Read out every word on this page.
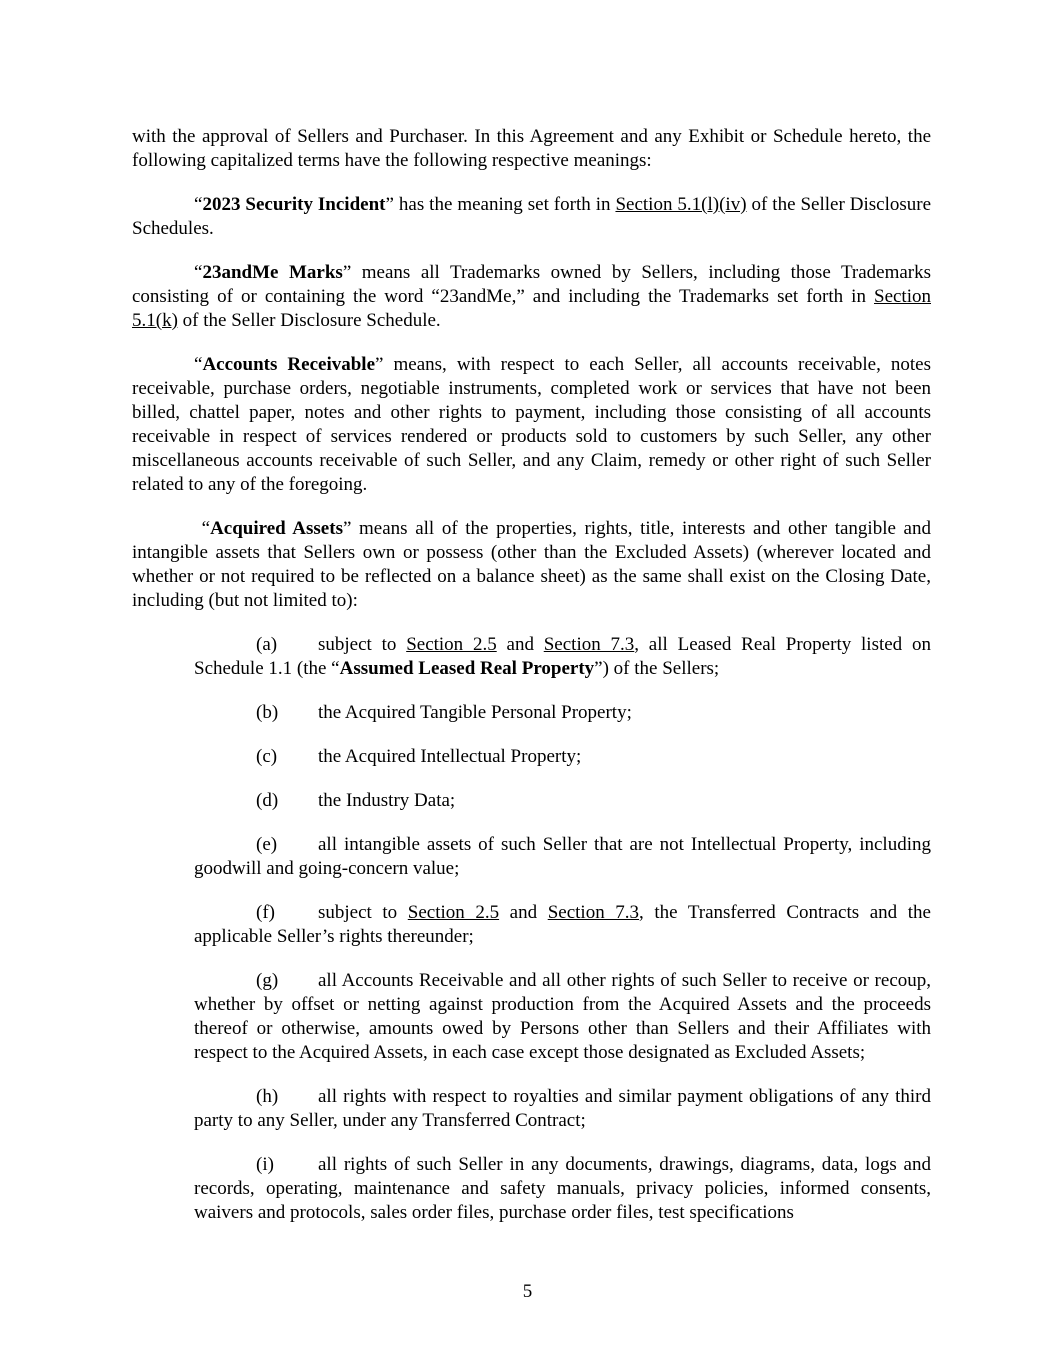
with the approval of Sellers and Purchaser. In this Agreement and any Exhibit or Schedule hereto, the following capitalized terms have the following respective meanings:

“2023 Security Incident” has the meaning set forth in Section 5.1(l)(iv) of the Seller Disclosure Schedules.

“23andMe Marks” means all Trademarks owned by Sellers, including those Trademarks consisting of or containing the word “23andMe,” and including the Trademarks set forth in Section 5.1(k) of the Seller Disclosure Schedule.

“Accounts Receivable” means, with respect to each Seller, all accounts receivable, notes receivable, purchase orders, negotiable instruments, completed work or services that have not been billed, chattel paper, notes and other rights to payment, including those consisting of all accounts receivable in respect of services rendered or products sold to customers by such Seller, any other miscellaneous accounts receivable of such Seller, and any Claim, remedy or other right of such Seller related to any of the foregoing.

“Acquired Assets” means all of the properties, rights, title, interests and other tangible and intangible assets that Sellers own or possess (other than the Excluded Assets) (wherever located and whether or not required to be reflected on a balance sheet) as the same shall exist on the Closing Date, including (but not limited to):

(a) subject to Section 2.5 and Section 7.3, all Leased Real Property listed on Schedule 1.1 (the “Assumed Leased Real Property”) of the Sellers;

(b) the Acquired Tangible Personal Property;

(c) the Acquired Intellectual Property;

(d) the Industry Data;

(e) all intangible assets of such Seller that are not Intellectual Property, including goodwill and going-concern value;

(f) subject to Section 2.5 and Section 7.3, the Transferred Contracts and the applicable Seller’s rights thereunder;

(g) all Accounts Receivable and all other rights of such Seller to receive or recoup, whether by offset or netting against production from the Acquired Assets and the proceeds thereof or otherwise, amounts owed by Persons other than Sellers and their Affiliates with respect to the Acquired Assets, in each case except those designated as Excluded Assets;

(h) all rights with respect to royalties and similar payment obligations of any third party to any Seller, under any Transferred Contract;

(i) all rights of such Seller in any documents, drawings, diagrams, data, logs and records, operating, maintenance and safety manuals, privacy policies, informed consents, waivers and protocols, sales order files, purchase order files, test specifications

5
